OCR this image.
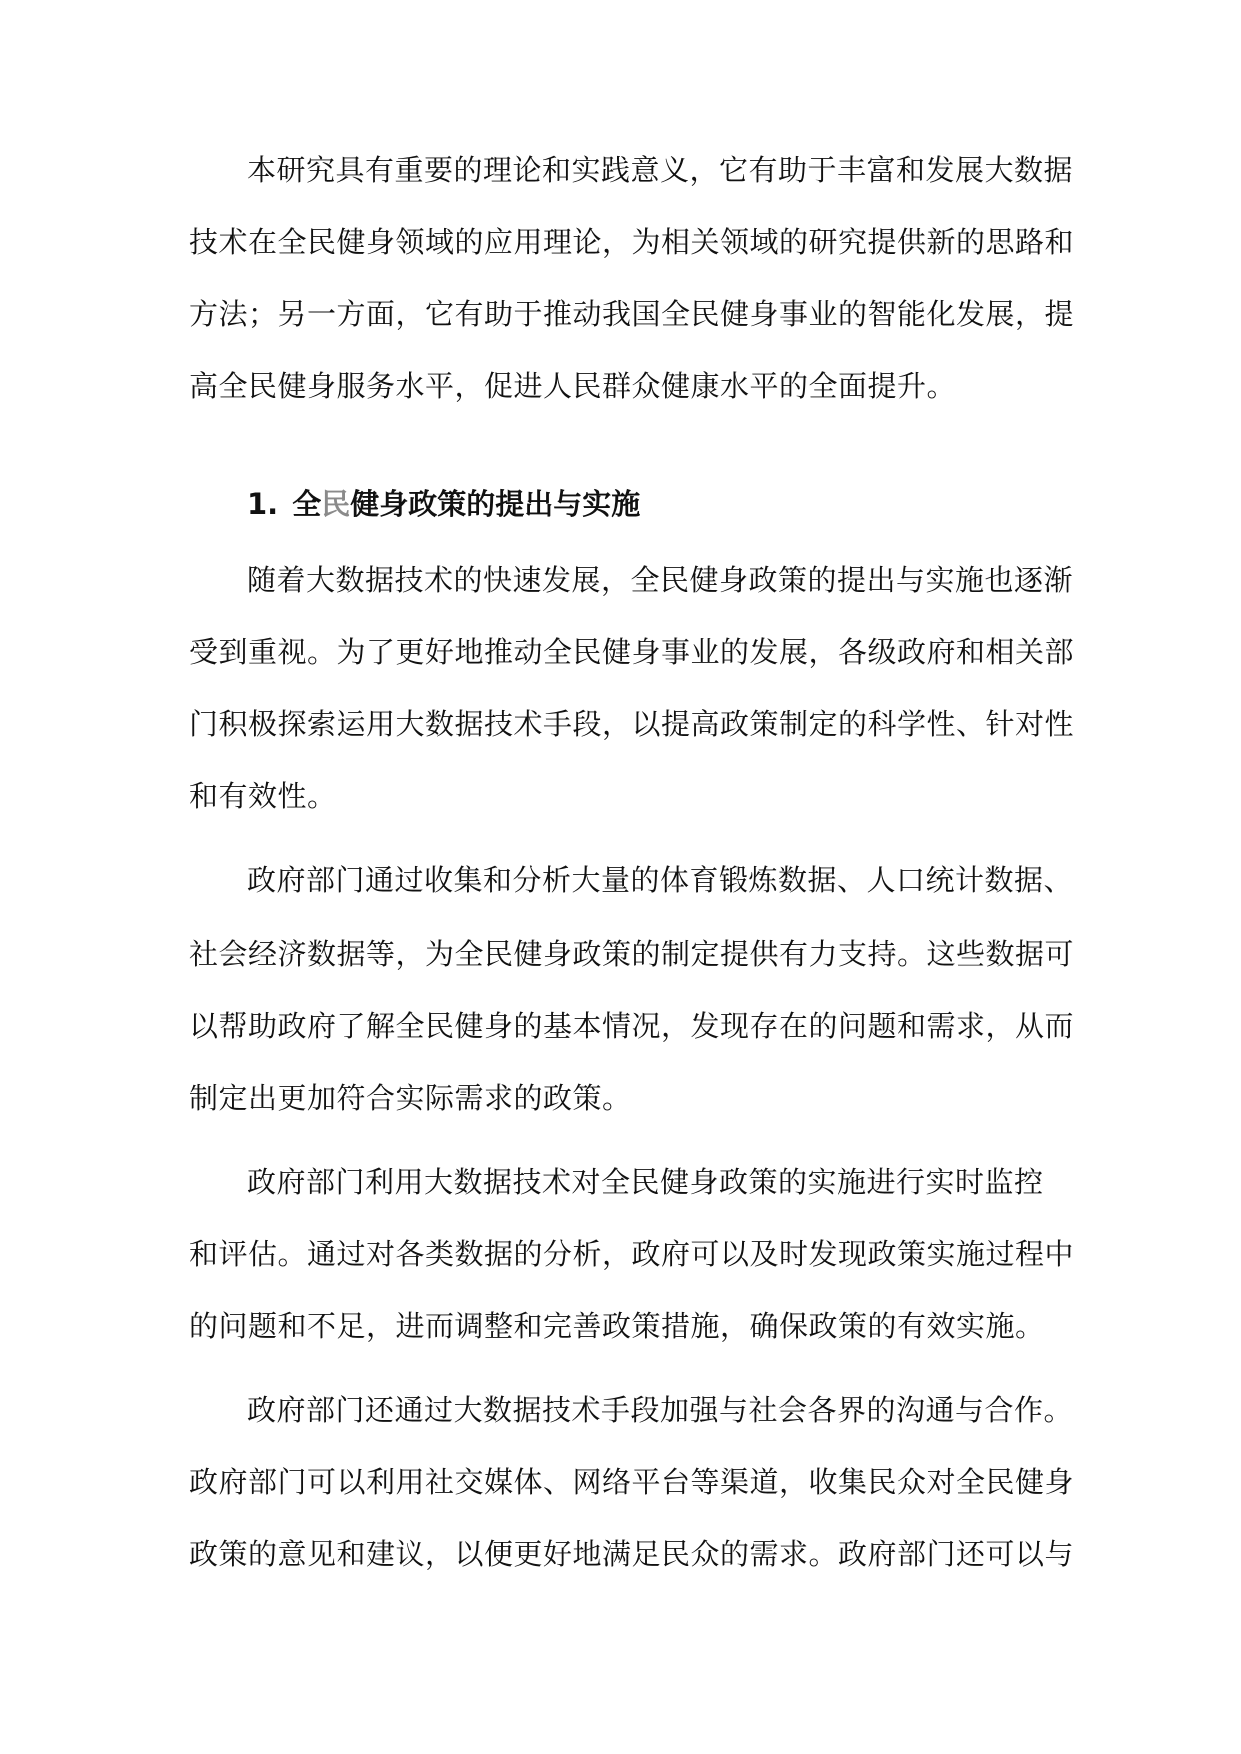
本研究具有重要的理论和实践意义，它有助于丰富和发展大数据
技术在全民健身领域的应用理论，为相关领域的研究提供新的思路和
方法；另一方面，它有助于推动我国全民健身事业的智能化发展，提
高全民健身服务水平，促进人民群众健康水平的全面提升。
1. 全民健身政策的提出与实施
随着大数据技术的快速发展，全民健身政策的提出与实施也逐渐
受到重视。为了更好地推动全民健身事业的发展，各级政府和相关部
门积极探索运用大数据技术手段，以提高政策制定的科学性、针对性
和有效性。
政府部门通过收集和分析大量的体育锻炼数据、人口统计数据、
社会经济数据等，为全民健身政策的制定提供有力支持。这些数据可
以帮助政府了解全民健身的基本情况，发现存在的问题和需求，从而
制定出更加符合实际需求的政策。
政府部门利用大数据技术对全民健身政策的实施进行实时监控
和评估。通过对各类数据的分析，政府可以及时发现政策实施过程中
的问题和不足，进而调整和完善政策措施，确保政策的有效实施。
政府部门还通过大数据技术手段加强与社会各界的沟通与合作。
政府部门可以利用社交媒体、网络平台等渠道，收集民众对全民健身
政策的意见和建议，以便更好地满足民众的需求。政府部门还可以与
